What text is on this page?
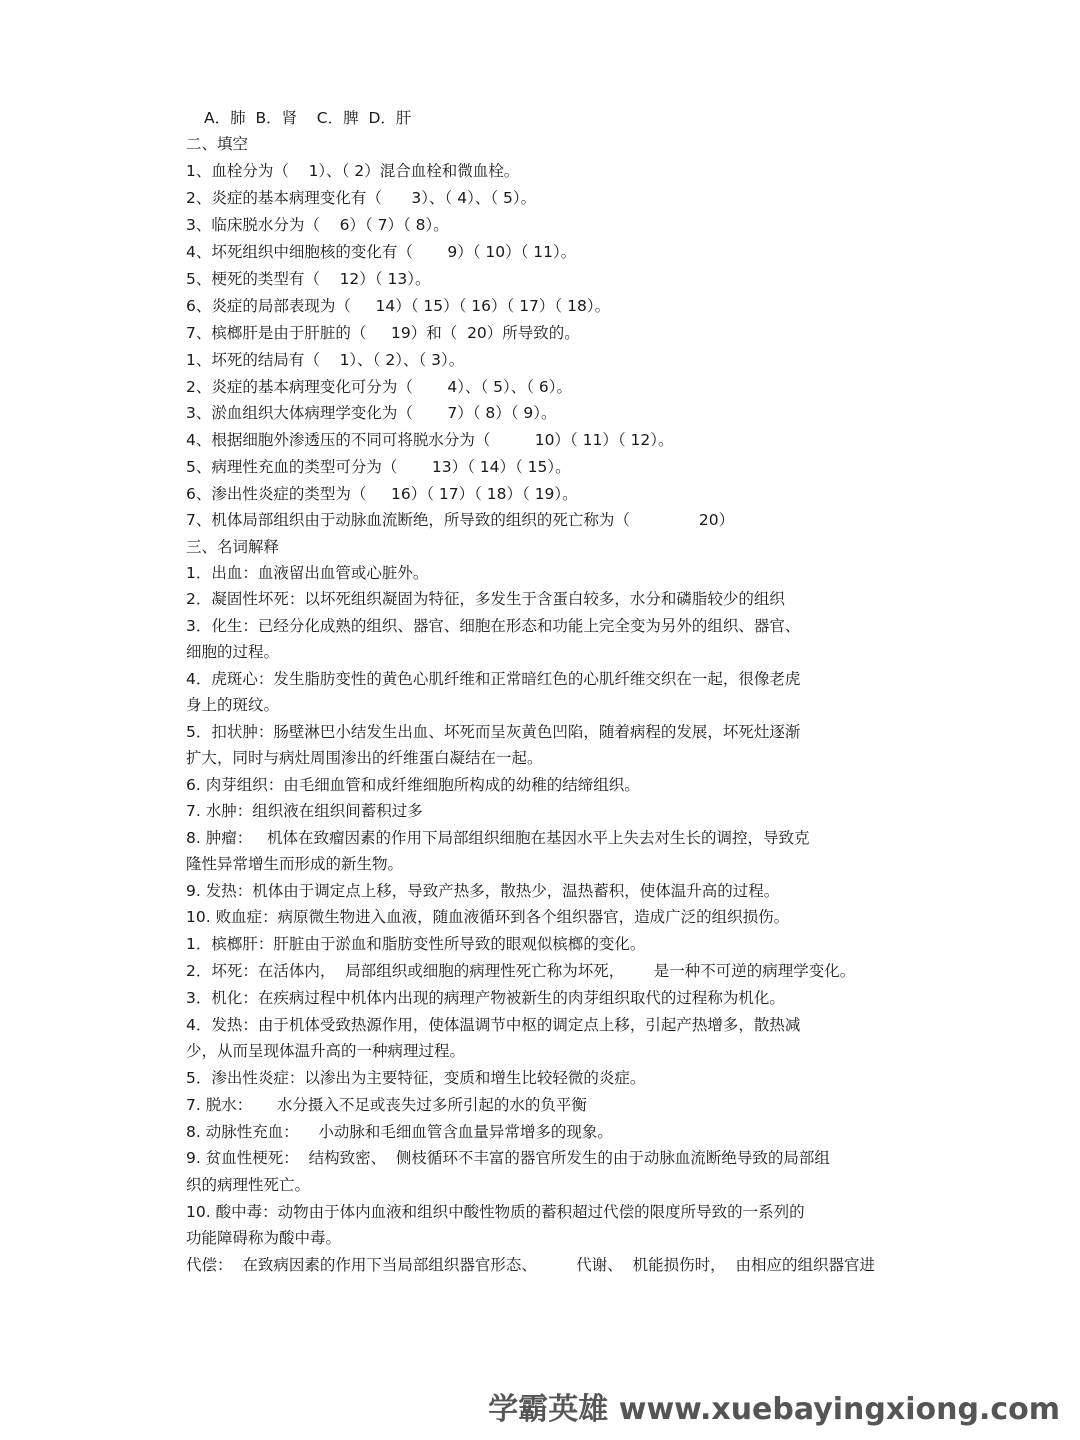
A．肺  B．肾    C．脾  D．肝
二、填空
1、血栓分为（    1）、（ 2）混合血栓和微血栓。
2、炎症的基本病理变化有（      3）、（ 4）、（ 5）。
3、临床脱水分为（    6）（ 7）（ 8）。
4、坏死组织中细胞核的变化有（       9）（ 10）（ 11）。
5、梗死的类型有（    12）（ 13）。
6、炎症的局部表现为（     14）（ 15）（ 16）（ 17）（ 18）。
7、槟榔肝是由于肝脏的（     19）和（  20）所导致的。
1、坏死的结局有（    1）、（ 2）、（ 3）。
2、炎症的基本病理变化可分为（       4）、（ 5）、（ 6）。
3、淤血组织大体病理学变化为（       7）（ 8）（ 9）。
4、根据细胞外渗透压的不同可将脱水分为（         10）（ 11）（ 12）。
5、病理性充血的类型可分为（       13）（ 14）（ 15）。
6、渗出性炎症的类型为（     16）（ 17）（ 18）（ 19）。
7、机体局部组织由于动脉血流断绝，所导致的组织的死亡称为（              20）
三、名词解释
1．出血：血液留出血管或心脏外。
2．凝固性坏死：以坏死组织凝固为特征，多发生于含蛋白较多，水分和磷脂较少的组织
3．化生：已经分化成熟的组织、器官、细胞在形态和功能上完全变为另外的组织、器官、
细胞的过程。
4．虎斑心：发生脂肪变性的黄色心肌纤维和正常暗红色的心肌纤维交织在一起，很像老虎
身上的斑纹。
5．扣状肿：肠壁淋巴小结发生出血、坏死而呈灰黄色凹陷，随着病程的发展，坏死灶逐渐
扩大，同时与病灶周围渗出的纤维蛋白凝结在一起。
6. 肉芽组织：由毛细血管和成纤维细胞所构成的幼稚的结缔组织。
7. 水肿：组织液在组织间蓄积过多
8. 肿瘤：   机体在致瘤因素的作用下局部组织细胞在基因水平上失去对生长的调控，导致克
隆性异常增生而形成的新生物。
9. 发热：机体由于调定点上移，导致产热多，散热少，温热蓄积，使体温升高的过程。
10. 败血症：病原微生物进入血液，随血液循环到各个组织器官，造成广泛的组织损伤。
1．槟榔肝：肝脏由于淤血和脂肪变性所导致的眼观似槟榔的变化。
2．坏死：在活体内，  局部组织或细胞的病理性死亡称为坏死，      是一种不可逆的病理学变化。
3．机化：在疾病过程中机体内出现的病理产物被新生的肉芽组织取代的过程称为机化。
4．发热：由于机体受致热源作用，使体温调节中枢的调定点上移，引起产热增多，散热减
少，从而呈现体温升高的一种病理过程。
5．渗出性炎症：以渗出为主要特征，变质和增生比较轻微的炎症。
7. 脱水：     水分摄入不足或丧失过多所引起的水的负平衡
8. 动脉性充血：    小动脉和毛细血管含血量异常增多的现象。
9. 贫血性梗死：  结构致密、  侧枝循环不丰富的器官所发生的由于动脉血流断绝导致的局部组
织的病理性死亡。
10. 酸中毒：动物由于体内血液和组织中酸性物质的蓄积超过代偿的限度所导致的一系列的
功能障碍称为酸中毒。
代偿：  在致病因素的作用下当局部组织器官形态、        代谢、  机能损伤时，  由相应的组织器官进
学霸英雄 www.xuebayingxiong.com
